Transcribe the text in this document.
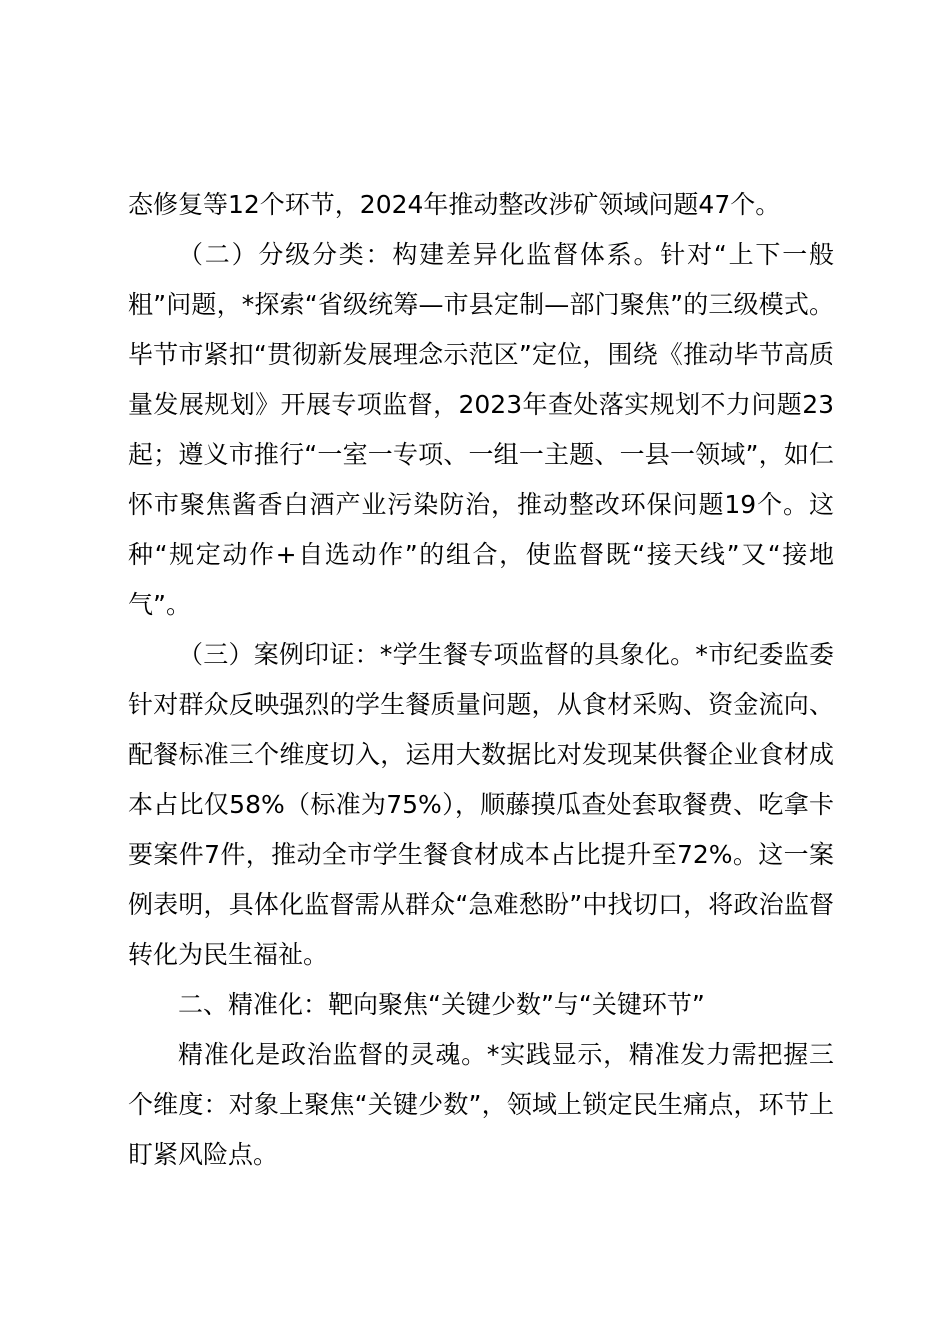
态修复等12个环节，2024年推动整改涉矿领域问题47个。

（二）分级分类：构建差异化监督体系。针对“上下一般粗”问题，*探索“省级统筹—市县定制—部门聚焦”的三级模式。毕节市紧扣“贯彻新发展理念示范区”定位，围绕《推动毕节高质量发展规划》开展专项监督，2023年查处落实规划不力问题23起；遵义市推行“一室一专项、一组一主题、一县一领域”，如仁怀市聚焦酱香白酒产业污染防治，推动整改环保问题19个。这种“规定动作+自选动作”的组合，使监督既“接天线”又“接地气”。

（三）案例印证：*学生餐专项监督的具象化。*市纪委监委针对群众反映强烈的学生餐质量问题，从食材采购、资金流向、配餐标准三个维度切入，运用大数据比对发现某供餐企业食材成本占比仅58%（标准为75%），顺藤摸瓜查处套取餐费、吃拿卡要案件7件，推动全市学生餐食材成本占比提升至72%。这一案例表明，具体化监督需从群众“急难愁盼”中找切口，将政治监督转化为民生福祉。

二、精准化：靶向聚焦“关键少数”与“关键环节”

精准化是政治监督的灵魂。*实践显示，精准发力需把握三个维度：对象上聚焦“关键少数”，领域上锁定民生痛点，环节上盯紧风险点。
